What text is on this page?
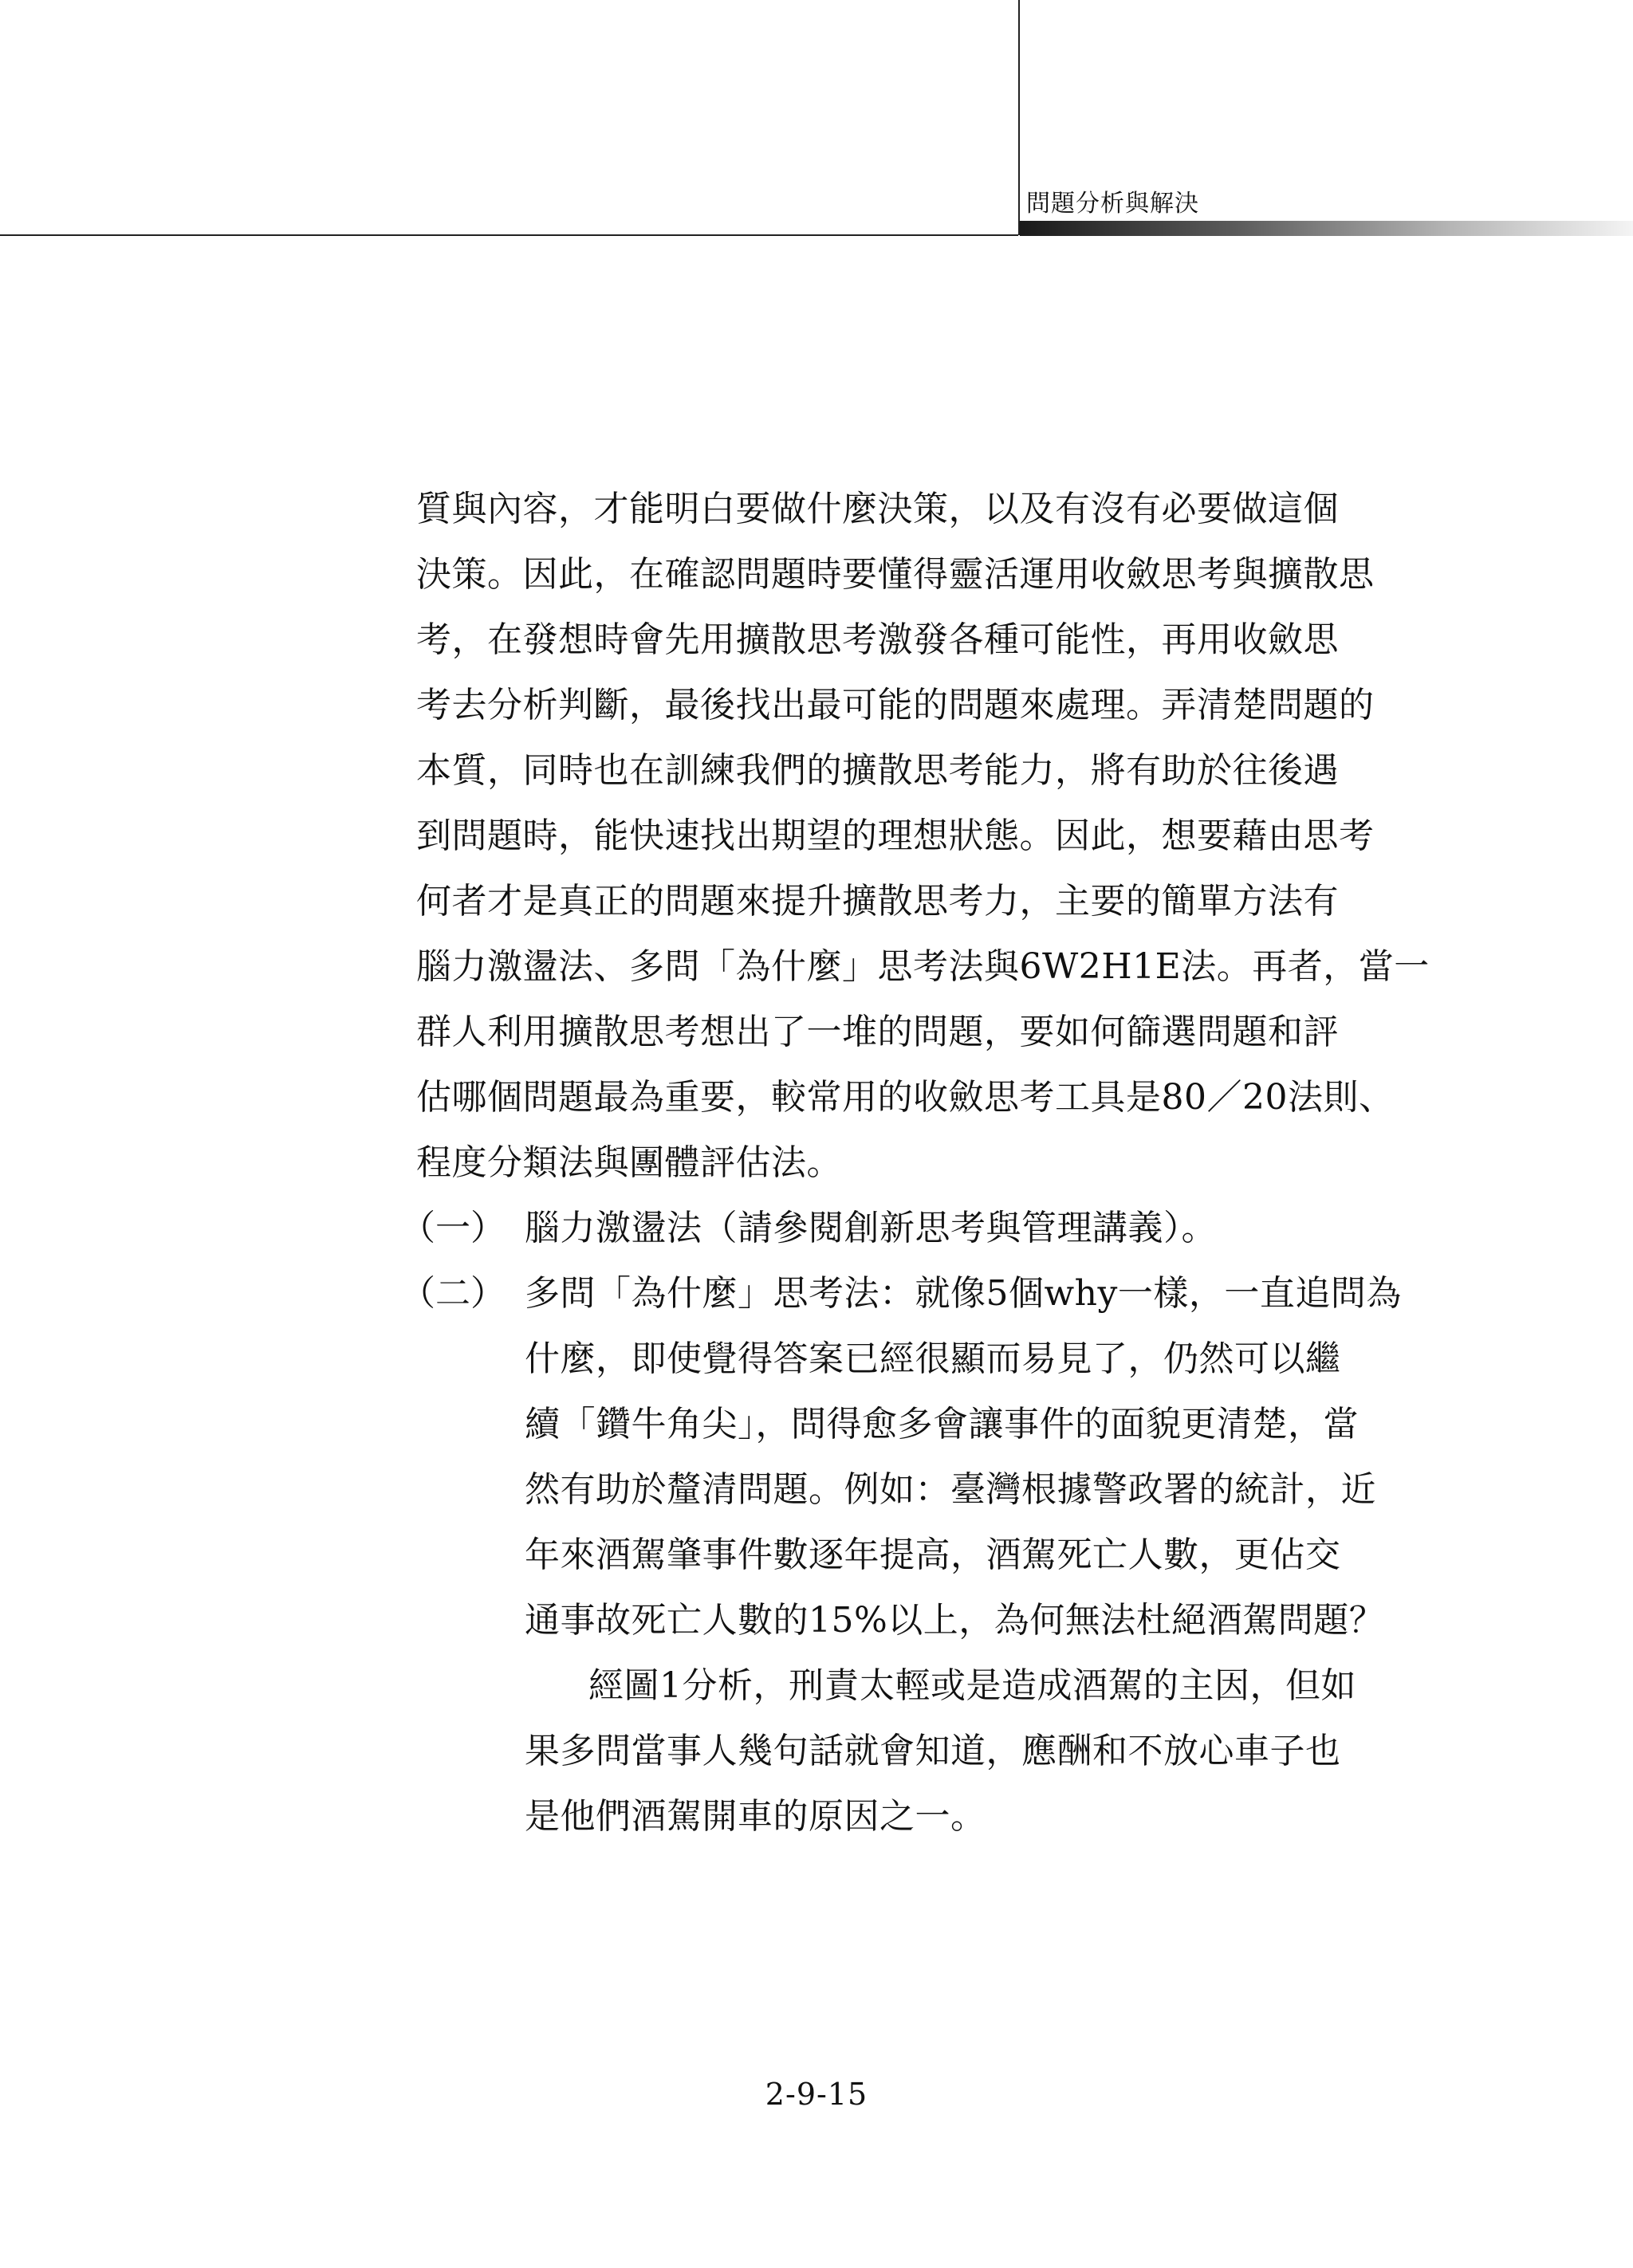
問題分析與解決
質與內容，才能明白要做什麼決策，以及有沒有必要做這個
決策。因此，在確認問題時要懂得靈活運用收斂思考與擴散思
考，在發想時會先用擴散思考激發各種可能性，再用收斂思
考去分析判斷，最後找出最可能的問題來處理。弄清楚問題的
本質，同時也在訓練我們的擴散思考能力，將有助於往後遇
到問題時，能快速找出期望的理想狀態。因此，想要藉由思考
何者才是真正的問題來提升擴散思考力，主要的簡單方法有
腦力激盪法、多問「為什麼」思考法與6W2H1E法。再者，當一
群人利用擴散思考想出了一堆的問題，要如何篩選問題和評
估哪個問題最為重要，較常用的收斂思考工具是80／20法則、
程度分類法與團體評估法。
（一） 腦力激盪法（請參閱創新思考與管理講義）。
（二） 多問「為什麼」思考法：就像5個why一樣，一直追問為
什麼，即使覺得答案已經很顯而易見了，仍然可以繼
續「鑽牛角尖」，問得愈多會讓事件的面貌更清楚，當
然有助於釐清問題。例如：臺灣根據警政署的統計，近
年來酒駕肇事件數逐年提高，酒駕死亡人數，更佔交
通事故死亡人數的15%以上，為何無法杜絕酒駕問題？
經圖1分析，刑責太輕或是造成酒駕的主因，但如
果多問當事人幾句話就會知道，應酬和不放心車子也
是他們酒駕開車的原因之一。
2-9-15
